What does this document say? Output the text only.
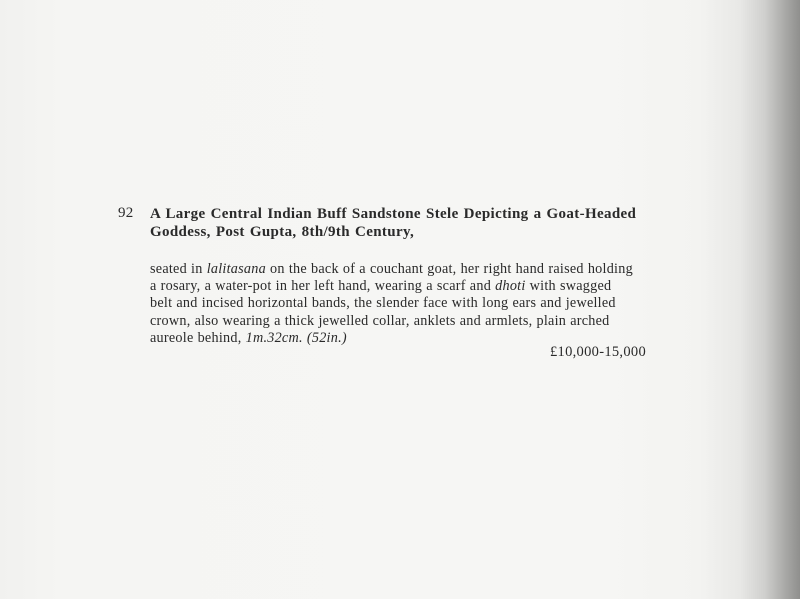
92 A Large Central Indian Buff Sandstone Stele Depicting a Goat-Headed
Goddess, Post Gupta, 8th/9th Century,
seated in lalitasana on the back of a couchant goat, her right hand raised holding
a rosary, a water-pot in her left hand, wearing a scarf and dhoti with swagged
belt and incised horizontal bands, the slender face with long ears and jewelled
crown, also wearing a thick jewelled collar, anklets and armlets, plain arched
aureole behind, 1m.32cm. (52in.)
£10,000-15,000
